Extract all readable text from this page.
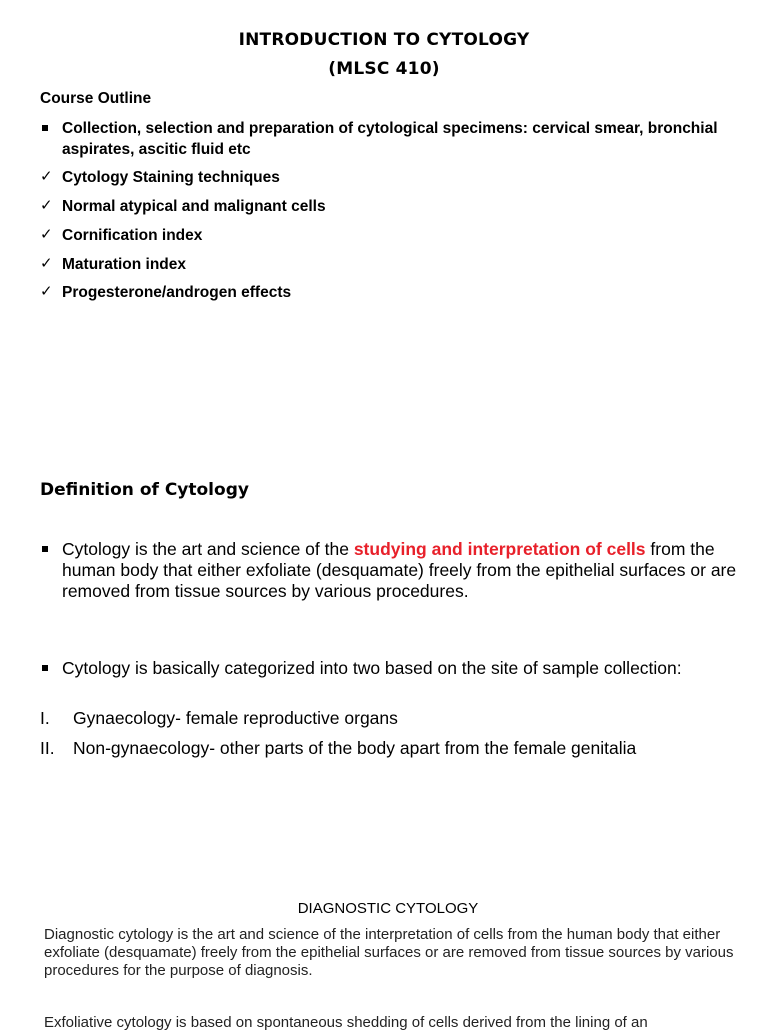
INTRODUCTION TO CYTOLOGY
(MLSC 410)
Course Outline
Collection, selection and preparation of cytological specimens: cervical smear, bronchial aspirates, ascitic fluid etc
✓ Cytology Staining techniques
✓ Normal atypical and malignant cells
✓ Cornification index
✓ Maturation index
✓ Progesterone/androgen effects
Definition of Cytology
Cytology is the art and science of the studying and interpretation of cells from the human body that either exfoliate (desquamate) freely from the epithelial surfaces or are removed from tissue sources by various procedures.
Cytology is basically categorized into two based on the site of sample collection:
I. Gynaecology- female reproductive organs
II. Non-gynaecology- other parts of the body apart from the female genitalia
DIAGNOSTIC CYTOLOGY
Diagnostic cytology is the art and science of the interpretation of cells from the human body that either exfoliate (desquamate) freely from the epithelial surfaces or are removed from tissue sources by various procedures for the purpose of diagnosis.
Exfoliative cytology is based on spontaneous shedding of cells derived from the lining of an
